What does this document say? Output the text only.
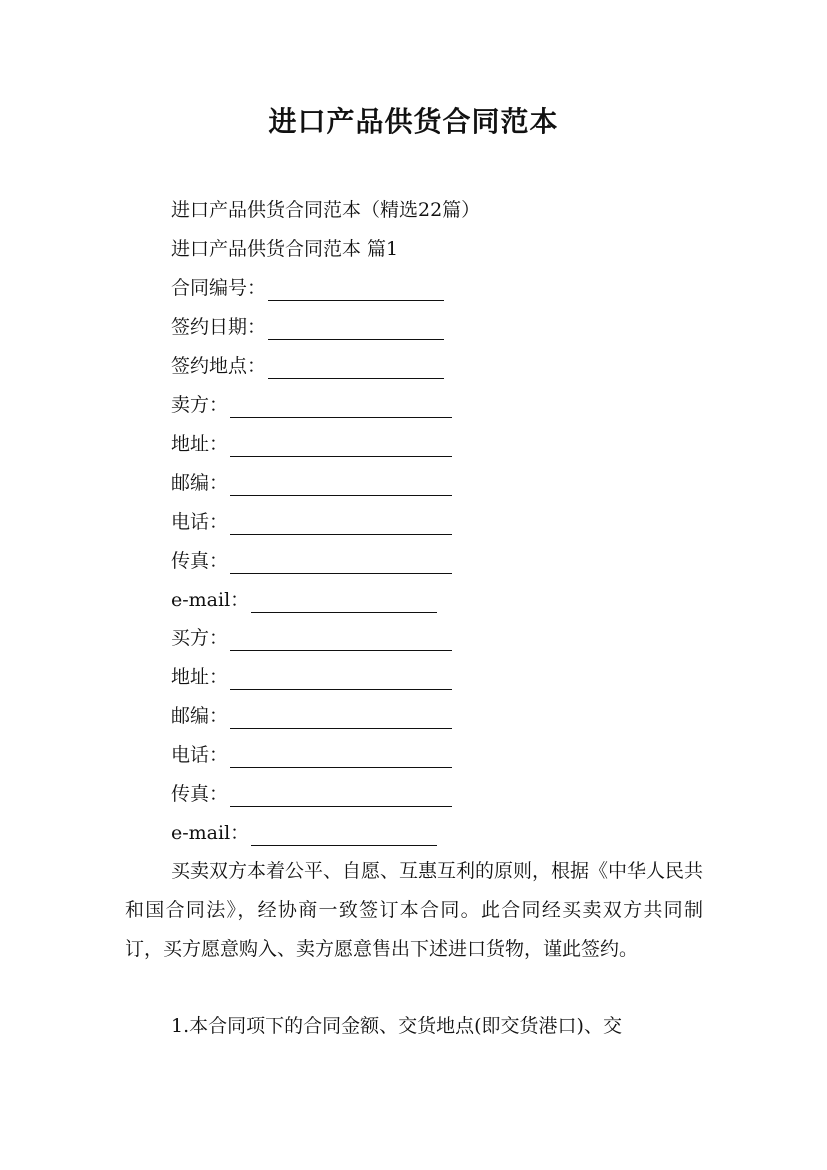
进口产品供货合同范本
进口产品供货合同范本（精选22篇）
进口产品供货合同范本 篇1
合同编号：
签约日期：
签约地点：
卖方：
地址：
邮编：
电话：
传真：
e-mail：
买方：
地址：
邮编：
电话：
传真：
e-mail：
买卖双方本着公平、自愿、互惠互利的原则，根据《中华人民共和国合同法》，经协商一致签订本合同。此合同经买卖双方共同制订，买方愿意购入、卖方愿意售出下述进口货物，谨此签约。
1.本合同项下的合同金额、交货地点(即交货港口)、交
